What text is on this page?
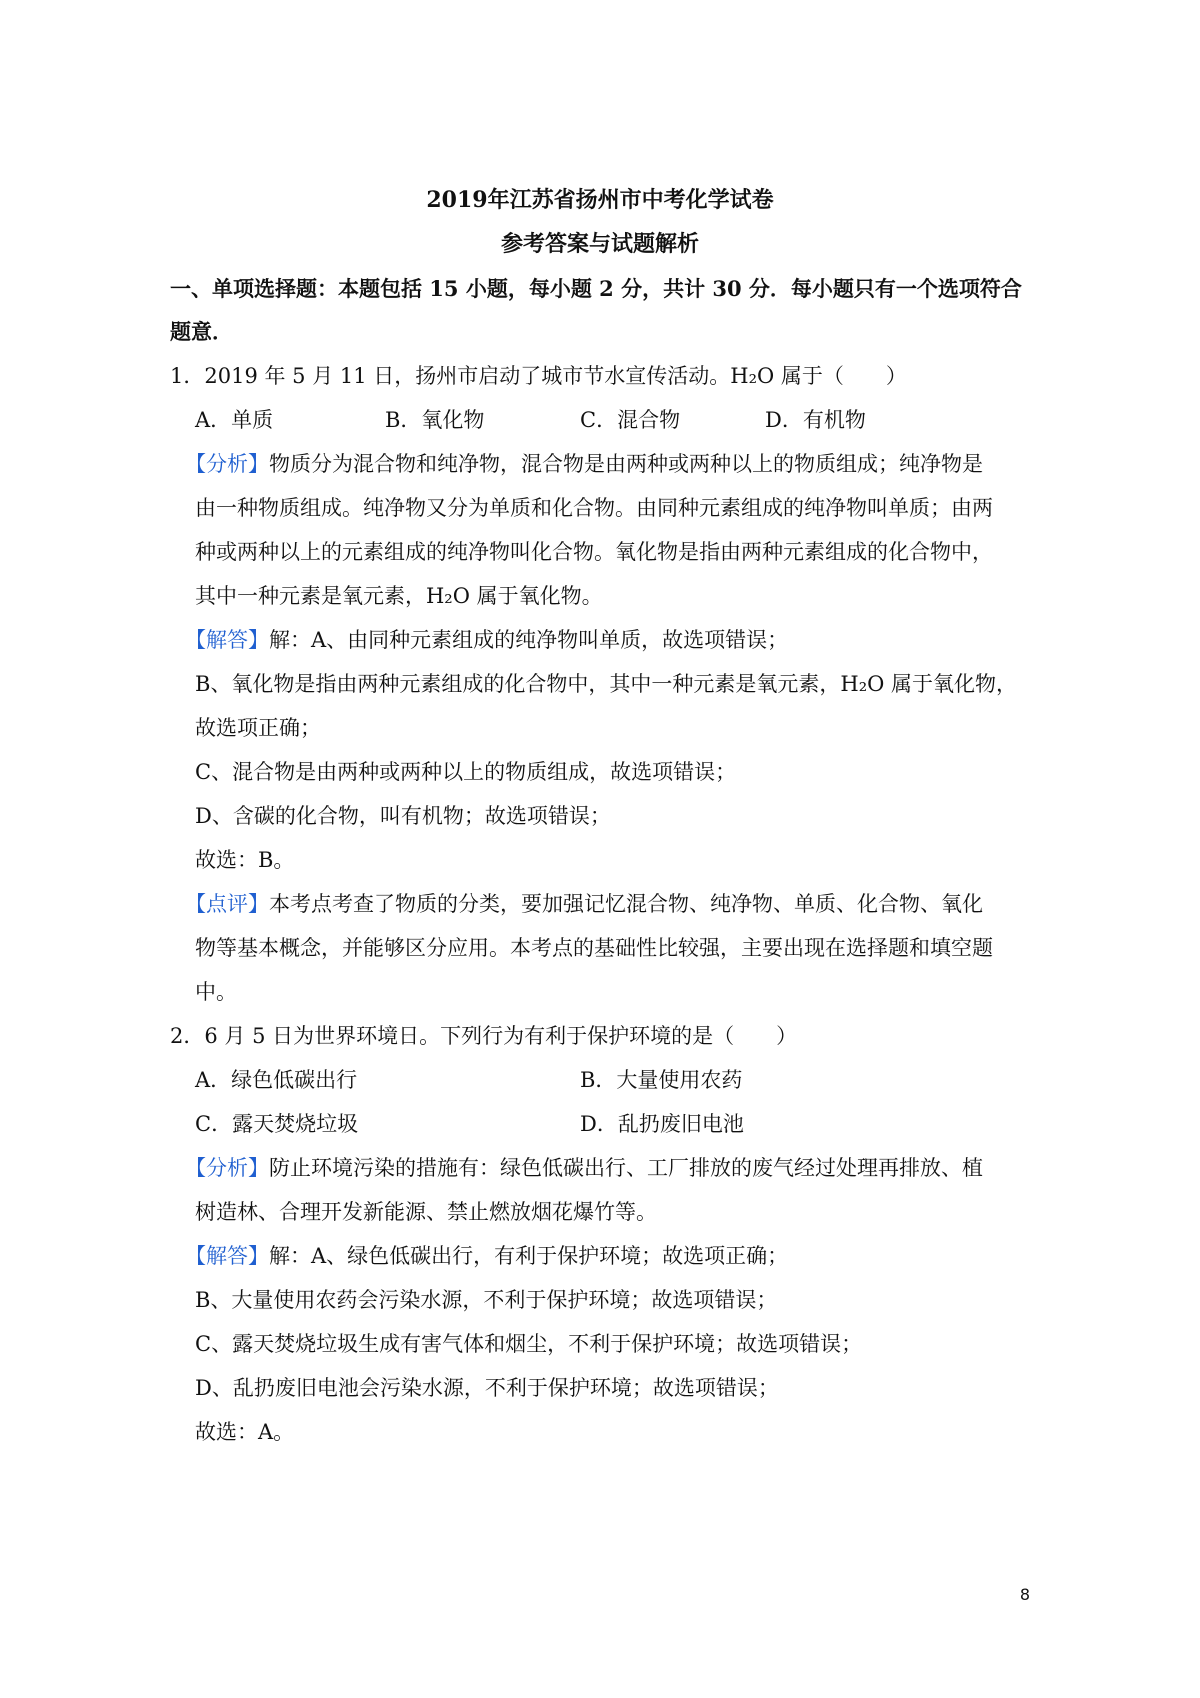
2019年江苏省扬州市中考化学试卷
参考答案与试题解析
一、单项选择题：本题包括 15 小题，每小题 2 分，共计 30 分．每小题只有一个选项符合
题意．
1．2019 年 5 月 11 日，扬州市启动了城市节水宣传活动。H₂O 属于（　　）
A．单质	B．氧化物	C．混合物	D．有机物
【分析】物质分为混合物和纯净物，混合物是由两种或两种以上的物质组成；纯净物是
由一种物质组成。纯净物又分为单质和化合物。由同种元素组成的纯净物叫单质；由两
种或两种以上的元素组成的纯净物叫化合物。氧化物是指由两种元素组成的化合物中，
其中一种元素是氧元素，H₂O 属于氧化物。
【解答】解：A、由同种元素组成的纯净物叫单质，故选项错误；
B、氧化物是指由两种元素组成的化合物中，其中一种元素是氧元素，H₂O 属于氧化物，
故选项正确；
C、混合物是由两种或两种以上的物质组成，故选项错误；
D、含碳的化合物，叫有机物；故选项错误；
故选：B。
【点评】本考点考查了物质的分类，要加强记忆混合物、纯净物、单质、化合物、氧化
物等基本概念，并能够区分应用。本考点的基础性比较强，主要出现在选择题和填空题
中。
2．6 月 5 日为世界环境日。下列行为有利于保护环境的是（　　）
A．绿色低碳出行	B．大量使用农药
C．露天焚烧垃圾	D．乱扔废旧电池
【分析】防止环境污染的措施有：绿色低碳出行、工厂排放的废气经过处理再排放、植
树造林、合理开发新能源、禁止燃放烟花爆竹等。
【解答】解：A、绿色低碳出行，有利于保护环境；故选项正确；
B、大量使用农药会污染水源，不利于保护环境；故选项错误；
C、露天焚烧垃圾生成有害气体和烟尘，不利于保护环境；故选项错误；
D、乱扔废旧电池会污染水源，不利于保护环境；故选项错误；
故选：A。
8
